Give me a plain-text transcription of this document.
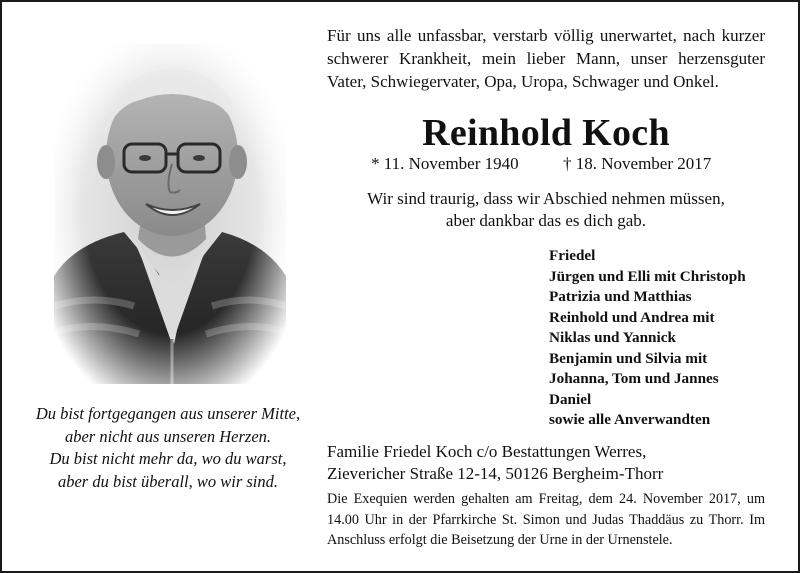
Du bist fortgegangen aus unserer Mitte,
aber nicht aus unseren Herzen.
Du bist nicht mehr da, wo du warst,
aber du bist überall, wo wir sind.
Für uns alle unfassbar, verstarb völlig unerwartet, nach kurzer schwerer Krankheit, mein lieber Mann, unser herzensguter Vater, Schwiegervater, Opa, Uropa, Schwager und Onkel.
Reinhold Koch
* 11. November 1940	† 18. November 2017
Wir sind traurig, dass wir Abschied nehmen müssen,
aber dankbar das es dich gab.
Friedel
Jürgen und Elli mit Christoph
Patrizia und Matthias
Reinhold und Andrea mit
Niklas und Yannick
Benjamin und Silvia mit
Johanna, Tom und Jannes
Daniel
sowie alle Anverwandten
Familie Friedel Koch c/o Bestattungen Werres,
Zievericher Straße 12-14, 50126 Bergheim-Thorr
Die Exequien werden gehalten am Freitag, dem 24. November 2017, um 14.00 Uhr in der Pfarrkirche St. Simon und Judas Thaddäus zu Thorr. Im Anschluss erfolgt die Beisetzung der Urne in der Urnenstele.
